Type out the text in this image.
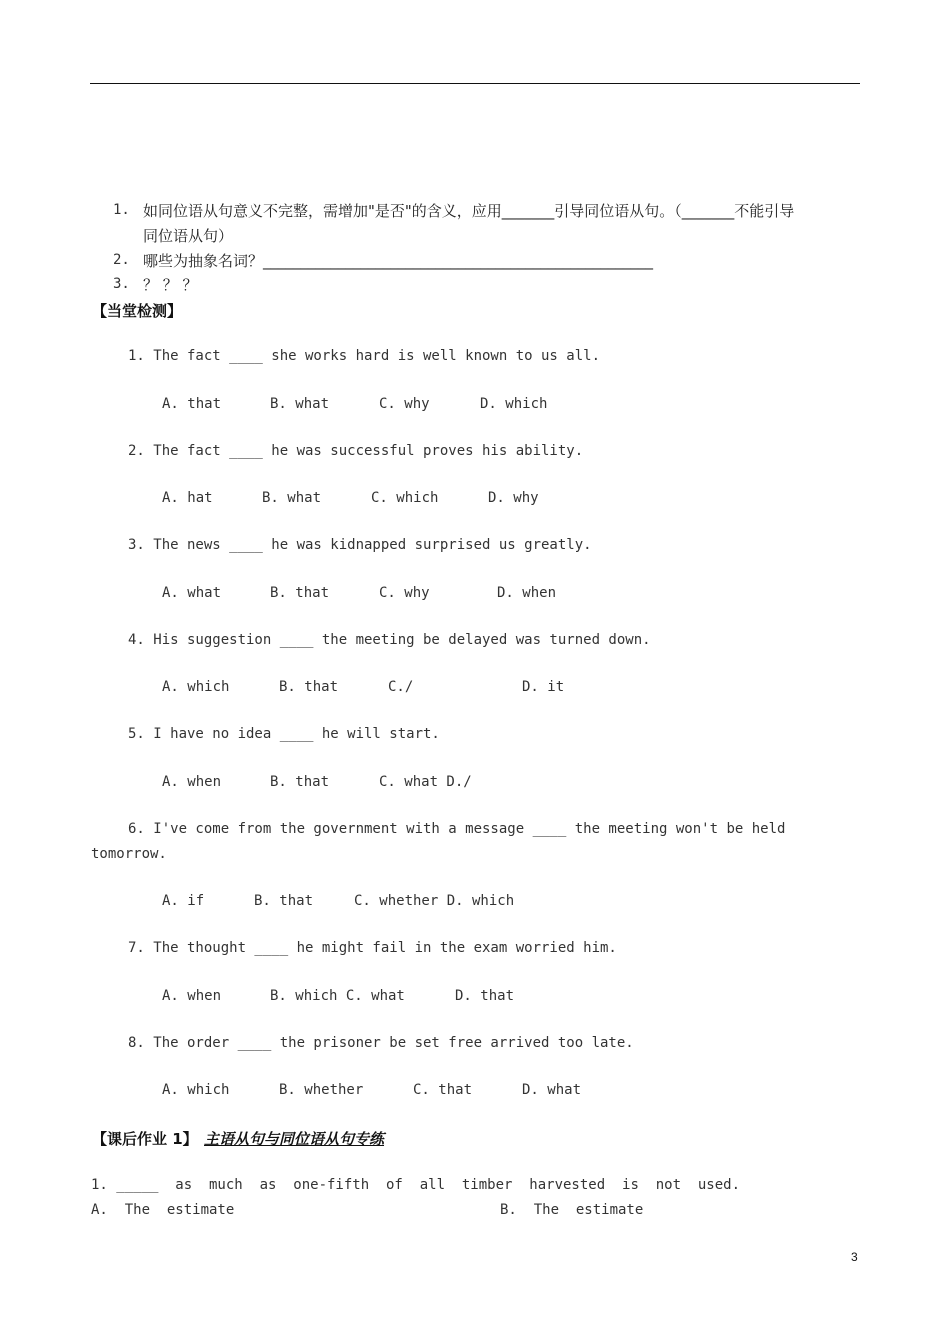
1. 如同位语从句意义不完整，需增加"是否"的含义，应用_______引导同位语从句。（_______不能引导
同位语从句）
2. 哪些为抽象名词？____________________________________________________
3. ？ ？ ？
【当堂检测】
1. The fact ____ she works hard is well known to us all.
A. that	B. what	C. why	D. which
2. The fact ____ he was successful proves his ability.
A. hat	B. what	C. which	D. why
3. The news ____ he was kidnapped surprised us greatly.
A. what	B. that	C. why	D. when
4. His suggestion ____ the meeting be delayed was turned down.
A. which	B. that	C./	D. it
5. I have no idea ____ he will start.
A. when	B. that	C. what D./
6. I've come from the government with a message ____ the meeting won't be held
tomorrow.
A. if	B. that	C. whether D. which
7. The thought ____ he might fail in the exam worried him.
A. when	B. which C. what	D. that
8. The order ____ the prisoner be set free arrived too late.
A. which	B. whether	C. that	D. what
【课后作业 1】 主语从句与同位语从句专练
1. _____  as  much  as  one-fifth  of  all  timber  harvested  is  not  used.
A.  The  estimate	B.  The  estimate
3
